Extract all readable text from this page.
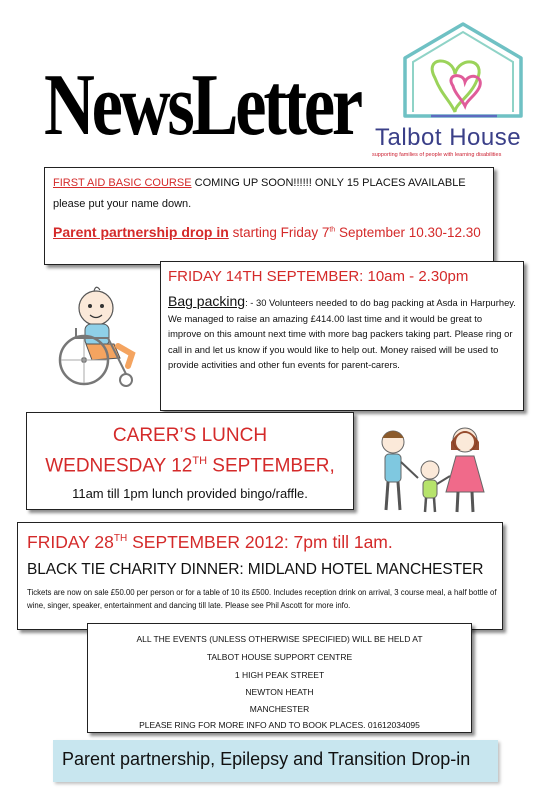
NewsLetter Talbot House
supporting families of people with learning disabilities
FIRST AID BASIC COURSE COMING UP SOON!!!!!! ONLY 15 PLACES AVAILABLE
please put your name down.
Parent partnership drop in starting Friday 7th September 10.30-12.30
FRIDAY 14TH SEPTEMBER: 10am - 2.30pm
Bag packing: - 30 Volunteers needed to do bag packing at Asda in Harpurhey. We managed to raise an amazing £414.00 last time and it would be great to improve on this amount next time with more bag packers taking part. Please ring or call in and let us know if you would like to help out. Money raised will be used to provide activities and other fun events for parent-carers.
CARER’S LUNCH
WEDNESDAY 12TH SEPTEMBER,
11am till 1pm lunch provided bingo/raffle.
FRIDAY 28TH SEPTEMBER 2012: 7pm till 1am.
BLACK TIE CHARITY DINNER: MIDLAND HOTEL MANCHESTER
Tickets are now on sale £50.00 per person or for a table of 10 its £500. Includes reception drink on arrival, 3 course meal, a half bottle of wine, singer, speaker, entertainment and dancing till late. Please see Phil Ascott for more info.
ALL THE EVENTS (UNLESS OTHERWISE SPECIFIED) WILL BE HELD AT
TALBOT HOUSE SUPPORT CENTRE
1 HIGH PEAK STREET
NEWTON HEATH
MANCHESTER
PLEASE RING FOR MORE INFO AND TO BOOK PLACES. 01612034095
Parent partnership, Epilepsy and Transition Drop-in
